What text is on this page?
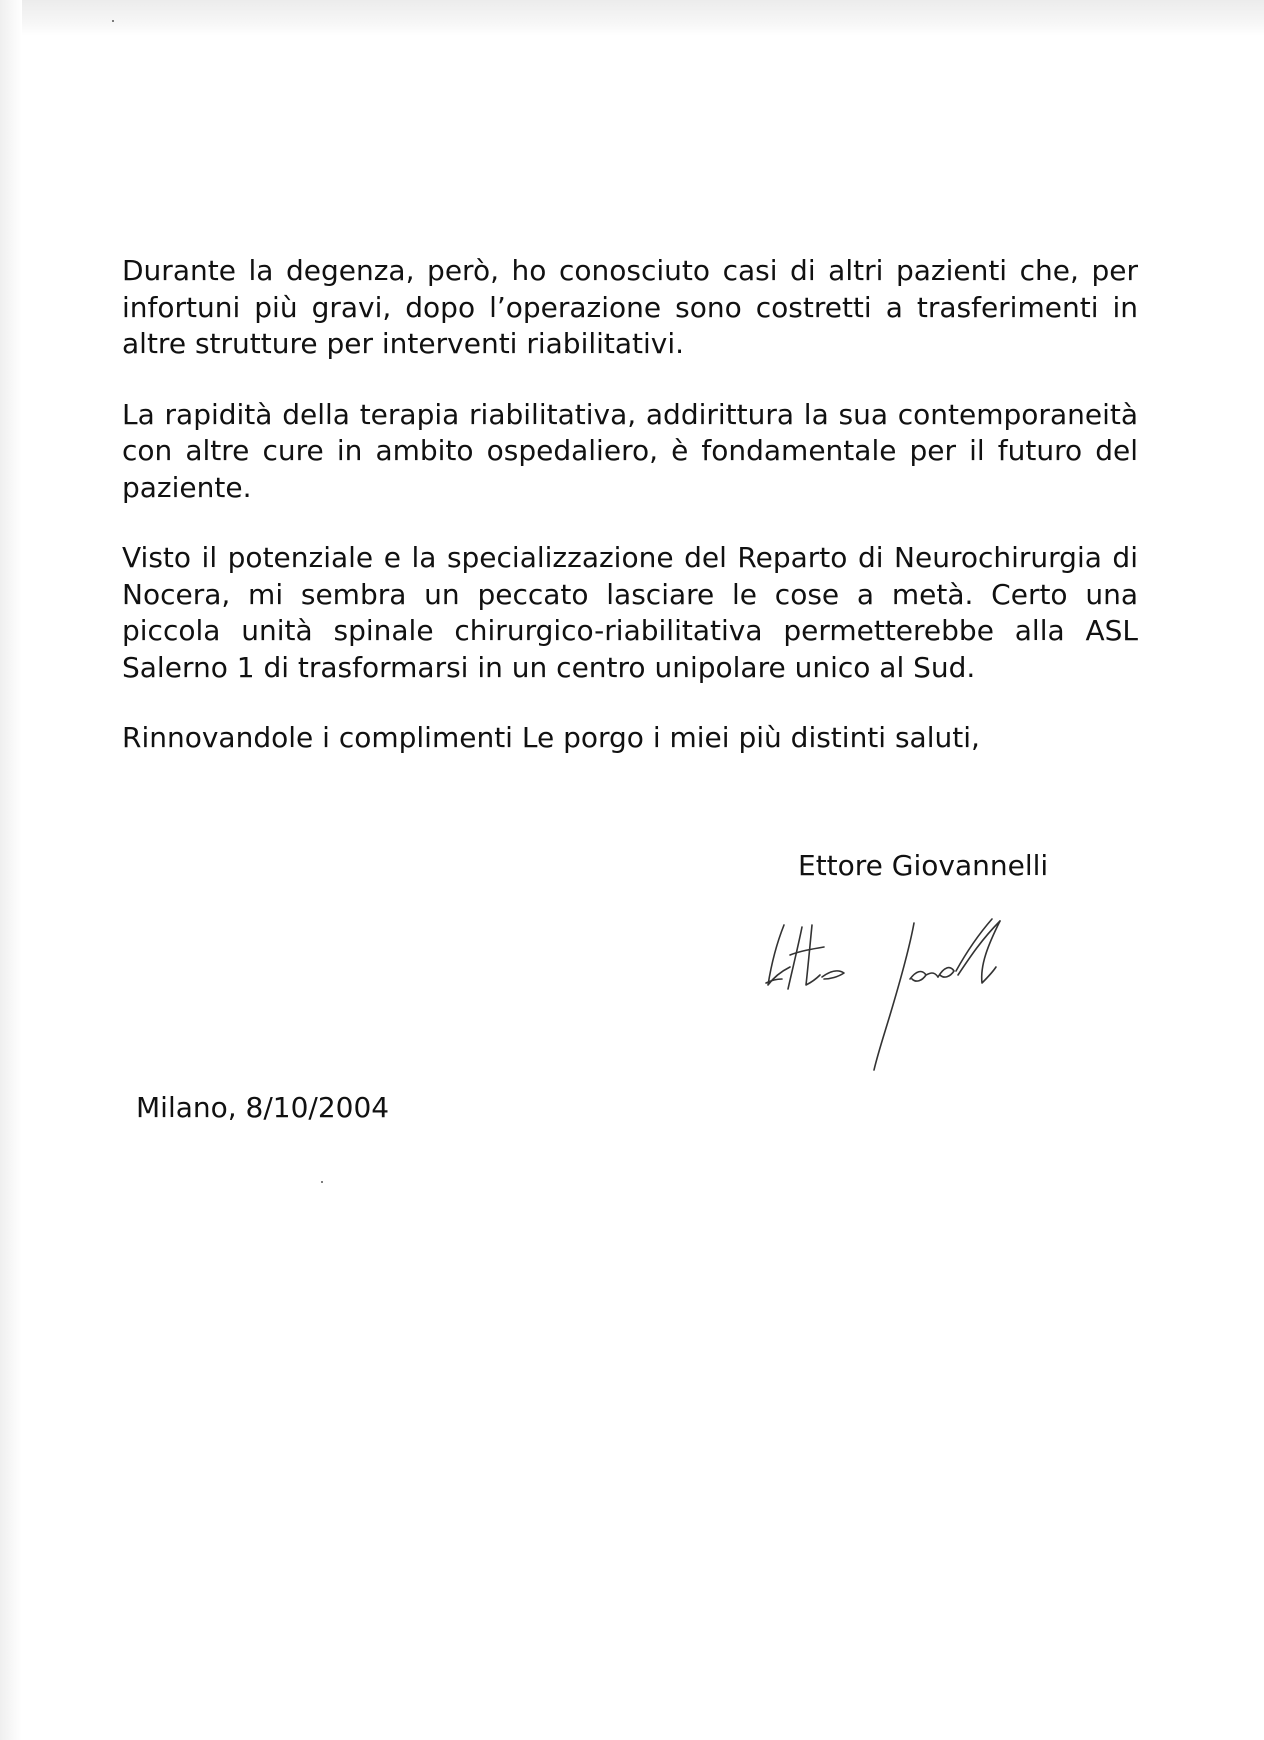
Durante la degenza, però, ho conosciuto casi di altri pazienti che, per infortuni più gravi, dopo l’operazione sono costretti a trasferimenti in altre strutture per interventi riabilitativi.

La rapidità della terapia riabilitativa, addirittura la sua contemporaneità con altre cure in ambito ospedaliero, è fondamentale per il futuro del paziente.

Visto il potenziale e la specializzazione del Reparto di Neurochirurgia di Nocera, mi sembra un peccato lasciare le cose a metà. Certo una piccola unità spinale chirurgico-riabilitativa permetterebbe alla ASL Salerno 1 di trasformarsi in un centro unipolare unico al Sud.

Rinnovandole i complimenti Le porgo i miei più distinti saluti,

Ettore Giovannelli
Milano, 8/10/2004
